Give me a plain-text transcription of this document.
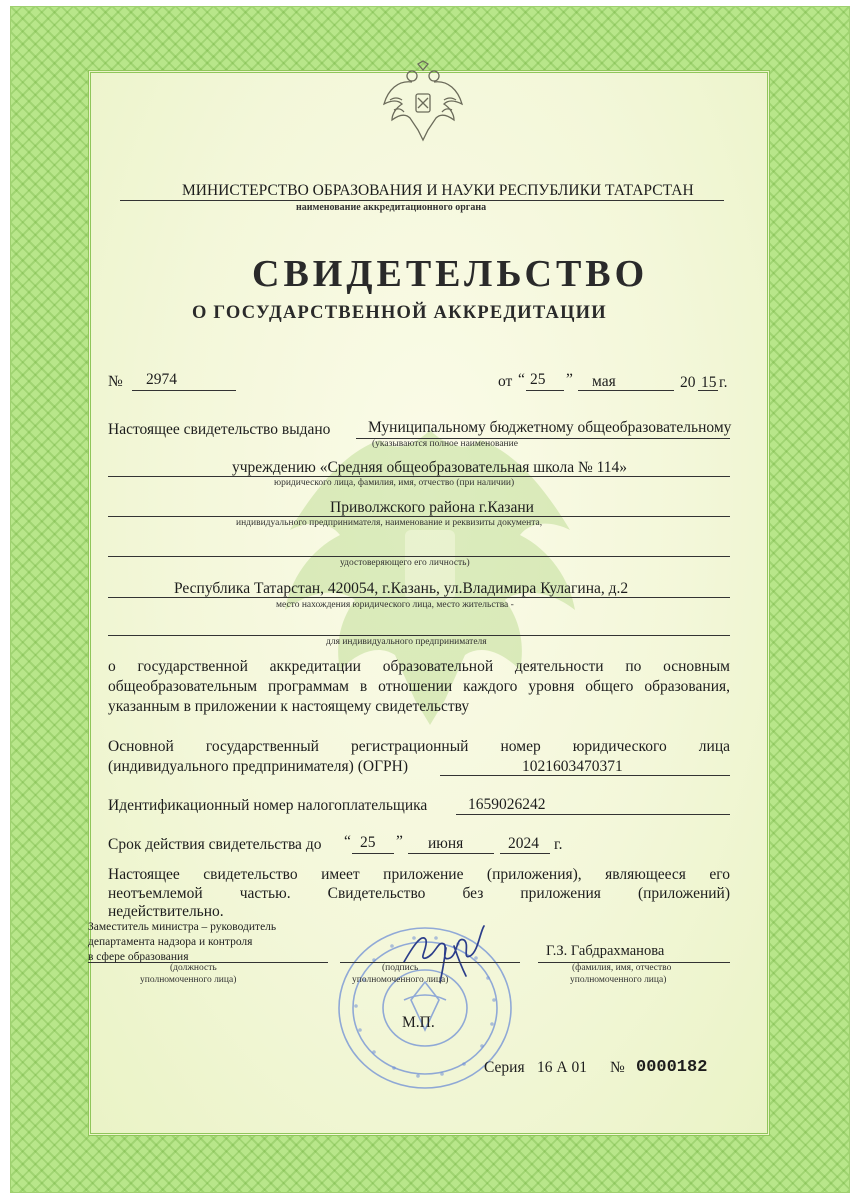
МИНИСТЕРСТВО ОБРАЗОВАНИЯ И НАУКИ РЕСПУБЛИКИ ТАТАРСТАН
наименование аккредитационного органа
СВИДЕТЕЛЬСТВО
О ГОСУДАРСТВЕННОЙ АККРЕДИТАЦИИ
№ 2974	от “ 25 ” мая	20 15 г.
Настоящее свидетельство выдано Муниципальному бюджетному общеобразовательному
(указываются полное наименование
учреждению «Средняя общеобразовательная школа № 114»
юридического лица, фамилия, имя, отчество (при наличии)
Приволжского района г.Казани
индивидуального предпринимателя, наименование и реквизиты документа,
удостоверяющего его личность)
Республика Татарстан, 420054, г.Казань, ул.Владимира Кулагина, д.2
место нахождения юридического лица, место жительства -
для индивидуального предпринимателя
о государственной аккредитации образовательной деятельности по основным
общеобразовательным программам в отношении каждого уровня общего образования,
указанным в приложении к настоящему свидетельству
Основной государственный регистрационный номер юридического лица
(индивидуального предпринимателя) (ОГРН)	1021603470371
Идентификационный номер налогоплательщика	1659026242
Срок действия свидетельства до “ 25 ” июня	2024 г.
Настоящее свидетельство имеет приложение (приложения), являющееся его
неотъемлемой частью. Свидетельство без приложения (приложений)
недействительно.
Заместитель министра – руководитель
департамента надзора и контроля
в сфере образования
(должность
уполномоченного лица)
(подпись
уполномоченного лица)
Г.З. Габдрахманова
(фамилия, имя, отчество
уполномоченного лица)
М.П.
Серия 16 А 01 № 0000182
